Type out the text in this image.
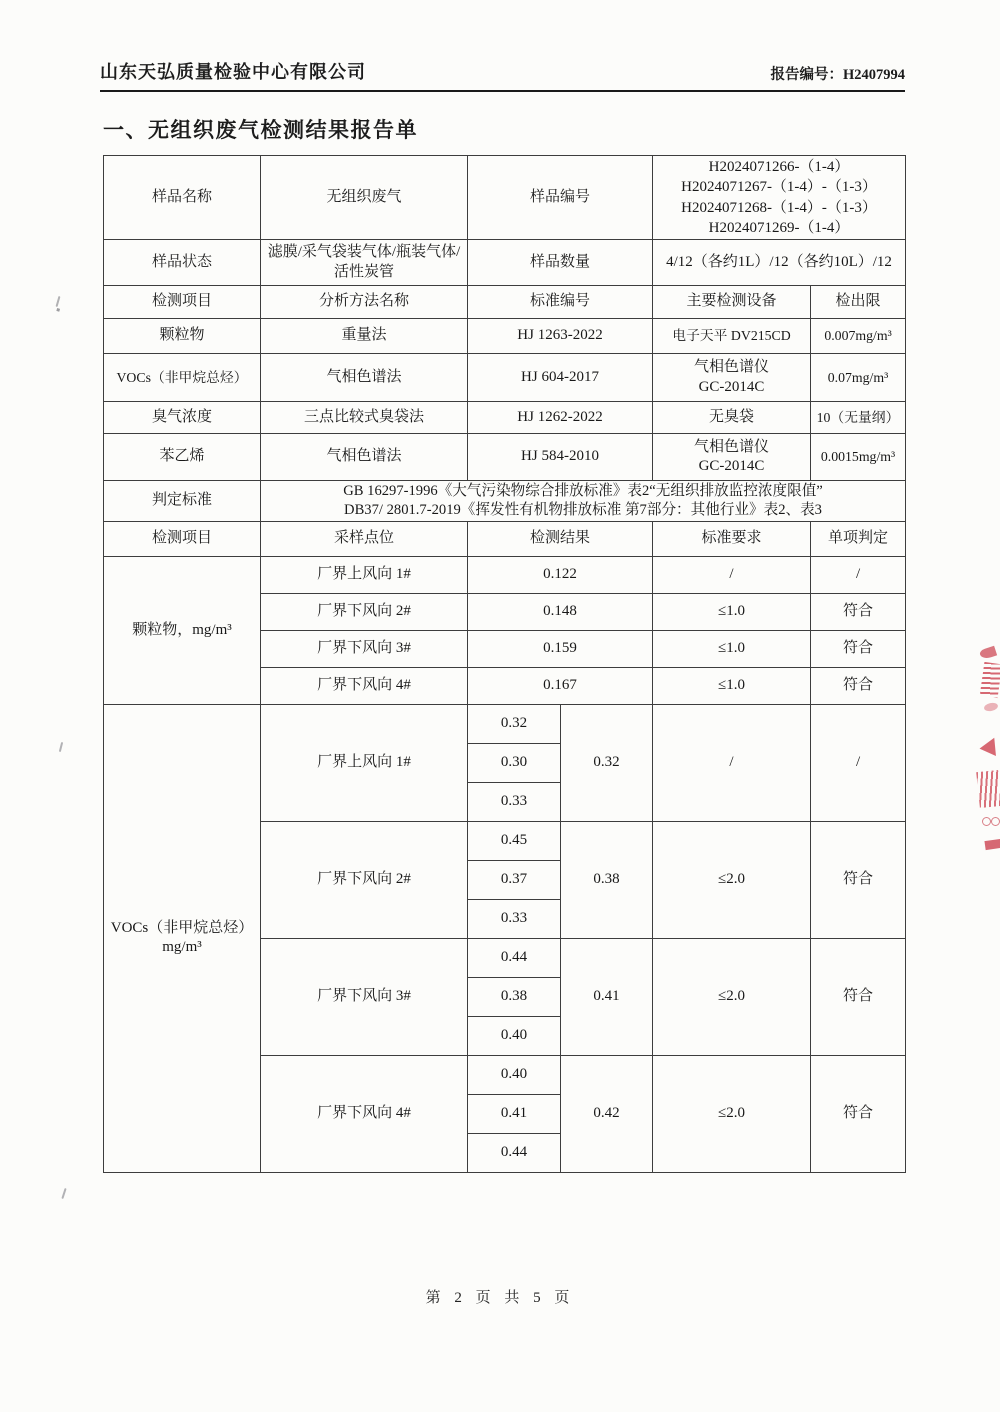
山东天弘质量检验中心有限公司	报告编号：H2407994
一、无组织废气检测结果报告单
样品名称	无组织废气	样品编号		H2024071266-（1-4）
H2024071267-（1-4）-（1-3）
H2024071268-（1-4）-（1-3）
H2024071269-（1-4）	

样品状态	滤膜/采气袋装气体/瓶装气体/活性炭管	样品数量		4/12（各约1L）/12（各约10L）/12	
检测项目	分析方法名称	标准编号		主要检测设备	检出限
颗粒物	重量法	HJ 1263-2022		电子天平 DV215CD	0.007mg/m³
VOCs（非甲烷总烃）	气相色谱法	HJ 604-2017		气相色谱仪
GC-2014C	0.07mg/m³
臭气浓度	三点比较式臭袋法	HJ 1262-2022		无臭袋	10（无量纲）
苯乙烯	气相色谱法	HJ 584-2010		气相色谱仪
GC-2014C	0.0015mg/m³
判定标准	GB 16297-1996《大气污染物综合排放标准》表2“无组织排放监控浓度限值”
DB37/ 2801.7-2019《挥发性有机物排放标准 第7部分：其他行业》表2、表3				

检测项目	采样点位	检测结果		标准要求	单项判定
颗粒物，mg/m³	厂界上风向 1#	0.122		/	/
	厂界下风向 2#	0.148		≤1.0	符合
	厂界下风向 3#	0.159		≤1.0	符合
	厂界下风向 4#	0.167		≤1.0	符合

VOCs（非甲烷总烃）
mg/m³	厂界上风向 1#	0.32	0.32	/	/
		0.30			
		0.33			
	厂界下风向 2#	0.45	0.38	≤2.0	符合
		0.37			
		0.33			
	厂界下风向 3#	0.44	0.41	≤2.0	符合
		0.38			
		0.40			
	厂界下风向 4#	0.40	0.42	≤2.0	符合
		0.41			
		0.44			
第 2 页 共 5 页
